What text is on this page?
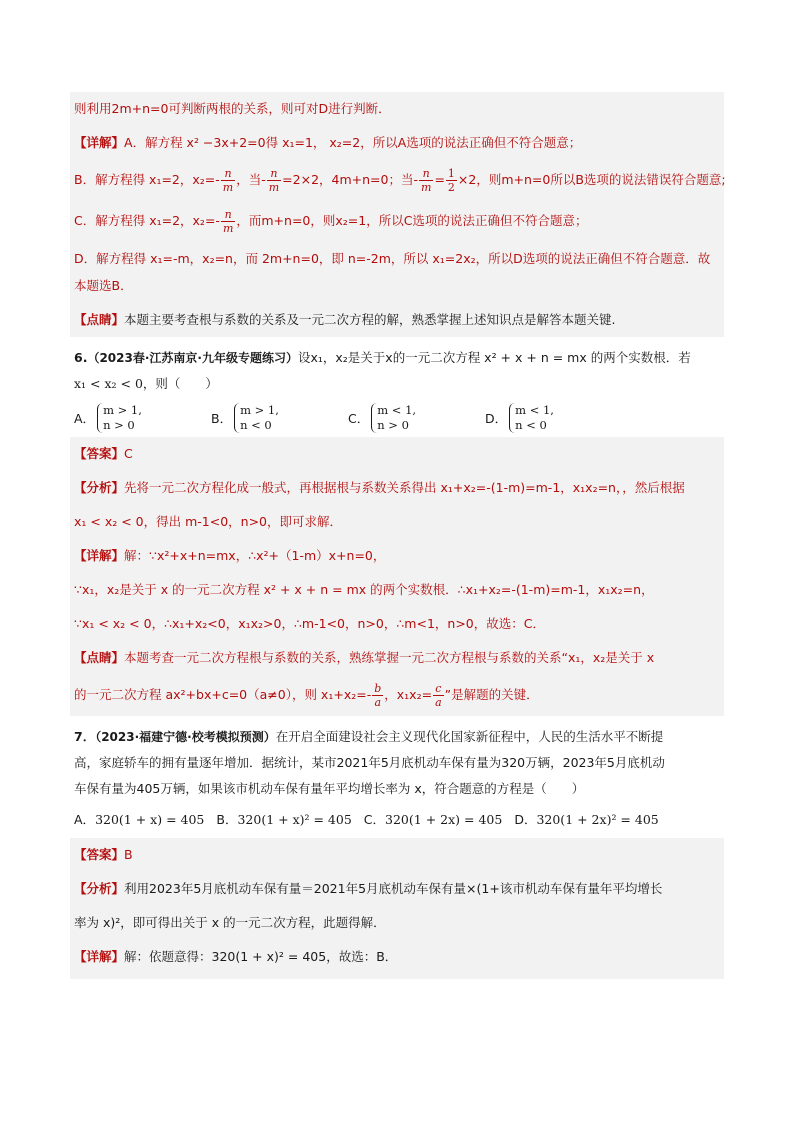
则利用2m+n=0可判断两根的关系，则可对D进行判断．
【详解】A．解方程 x² −3x+2=0得 x₁=1， x₂=2，所以A选项的说法正确但不符合题意；
B．解方程得 x₁=2，$x_2=- \frac{n}{m}$ ，当- $\frac{n}{m} =2\times 2$，4m+n=0；当- $\frac{n}{m} = \frac{1}{2} \times 2$，则m+n=0所以B选项的说法错误符合题意;
C．解方程得 x₁=2，$x_2=- \frac{n}{m}$ ，而m+n=0，则x₂=1，所以C选项的说法正确但不符合题意；
D．解方程得 x₁=-m，x₂=n，而 2m+n=0，即 n=-2m，所以 x₁=2x₂，所以D选项的说法正确但不符合题意．故
本题选B．
【点睛】本题主要考查根与系数的关系及一元二次方程的解，熟悉掌握上述知识点是解答本题关键.
6.（2023春·江苏南京·九年级专题练习）设x₁，x₂是关于x的一元二次方程 x² + x + n = mx 的两个实数根．若
x₁ < x₂ < 0，则（　　）
A．
m > 1,
n > 0	B．
m > 1,
n < 0	C．
m < 1,
n > 0	D．
m < 1,
n < 0
【答案】C
【分析】先将一元二次方程化成一般式，再根据根与系数关系得出 x₁+x₂=-(1-m)=m-1，x₁x₂=n，，然后根据
x₁ < x₂ < 0，得出 m-1<0，n>0，即可求解．
【详解】解：∵x²+x+n=mx，∴x²+（1-m）x+n=0，
∵x₁，x₂是关于 x 的一元二次方程 x² + x + n = mx 的两个实数根．∴x₁+x₂=-(1-m)=m-1，x₁x₂=n，
∵x₁ < x₂ < 0，∴x₁+x₂<0，x₁x₂>0，∴m-1<0，n>0，∴m<1，n>0，故选：C．
【点睛】本题考查一元二次方程根与系数的关系，熟练掌握一元二次方程根与系数的关系“x₁，x₂是关于 x
的一元二次方程 ax²+bx+c=0（a≠0），则 $x_1+x_2=- \frac{b}{a}$ ，$x_1x_2= \frac{c}{a}$ ”是解题的关键．
7．（2023·福建宁德·校考模拟预测）在开启全面建设社会主义现代化国家新征程中，人民的生活水平不断提
高，家庭轿车的拥有量逐年增加．据统计，某市2021年5月底机动车保有量为320万辆，2023年5月底机动
车保有量为405万辆，如果该市机动车保有量年平均增长率为 x，符合题意的方程是（　　）
A．320(1 + x) = 405 B．320(1 + x)² = 405 C．320(1 + 2x) = 405 D．320(1 + 2x)² = 405
【答案】B
【分析】利用2023年5月底机动车保有量＝2021年5月底机动车保有量×(1+该市机动车保有量年平均增长
率为 x)²，即可得出关于 x 的一元二次方程，此题得解．
【详解】解：依题意得：320(1 + x)² = 405，故选：B．
